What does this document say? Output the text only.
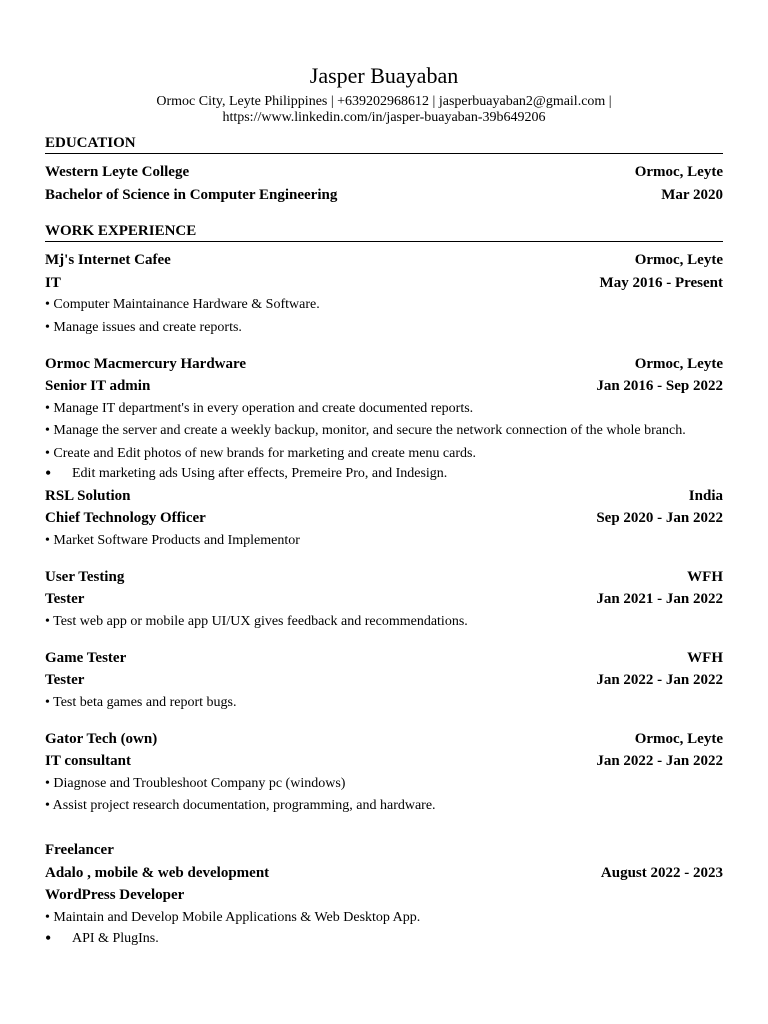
Jasper Buayaban
Ormoc City, Leyte Philippines | +639202968612 | jasperbuayaban2@gmail.com |
https://www.linkedin.com/in/jasper-buayaban-39b649206
EDUCATION
Western Leyte College	Ormoc, Leyte
Bachelor of Science in Computer Engineering	Mar 2020
WORK EXPERIENCE
Mj's Internet Cafee	Ormoc, Leyte
IT	May 2016 - Present
• Computer Maintainance Hardware & Software.
• Manage issues and create reports.
Ormoc Macmercury Hardware	Ormoc, Leyte
Senior IT admin	Jan 2016 - Sep 2022
• Manage IT department's in every operation and create documented reports.
• Manage the server and create a weekly backup, monitor, and secure the network connection of the whole branch.
• Create and Edit photos of new brands for marketing and create menu cards.
•	Edit marketing ads Using after effects, Premeire Pro, and Indesign.
RSL Solution	India
Chief Technology Officer	Sep 2020 - Jan 2022
• Market Software Products and Implementor
User Testing	WFH
Tester	Jan 2021 - Jan 2022
• Test web app or mobile app UI/UX gives feedback and recommendations.
Game Tester	WFH
Tester	Jan 2022 - Jan 2022
• Test beta games and report bugs.
Gator Tech (own)	Ormoc, Leyte
IT consultant	Jan 2022 - Jan 2022
• Diagnose and Troubleshoot Company pc (windows)
• Assist project research documentation, programming, and hardware.
Freelancer
Adalo , mobile & web development	August 2022 - 2023
WordPress Developer
• Maintain and Develop Mobile Applications & Web Desktop App.
•	API & PlugIns.
